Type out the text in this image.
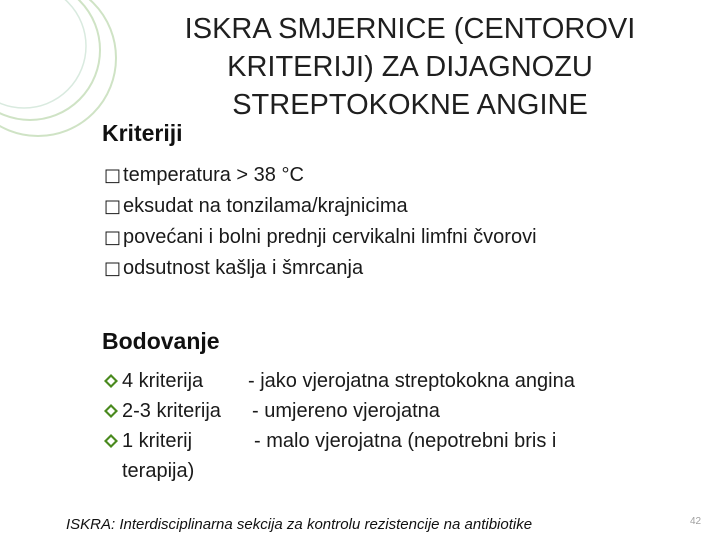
ISKRA SMJERNICE (CENTOROVI
KRITERIJI) ZA DIJAGNOZU
STREPTOKOKNE ANGINE
Kriteriji
□ temperatura > 38 °C
□ eksudat na tonzilama/krajnicima
□ povećani i bolni prednji cervikalni limfni čvorovi
□ odsutnost kašlja i šmrcanja
Bodovanje
4 kriterija - jako vjerojatna streptokokna angina
2-3 kriterija - umjereno vjerojatna
1 kriterij	- malo vjerojatna (nepotrebni bris i
terapija)
ISKRA: Interdisciplinarna sekcija za kontrolu rezistencije na antibiotike	42
